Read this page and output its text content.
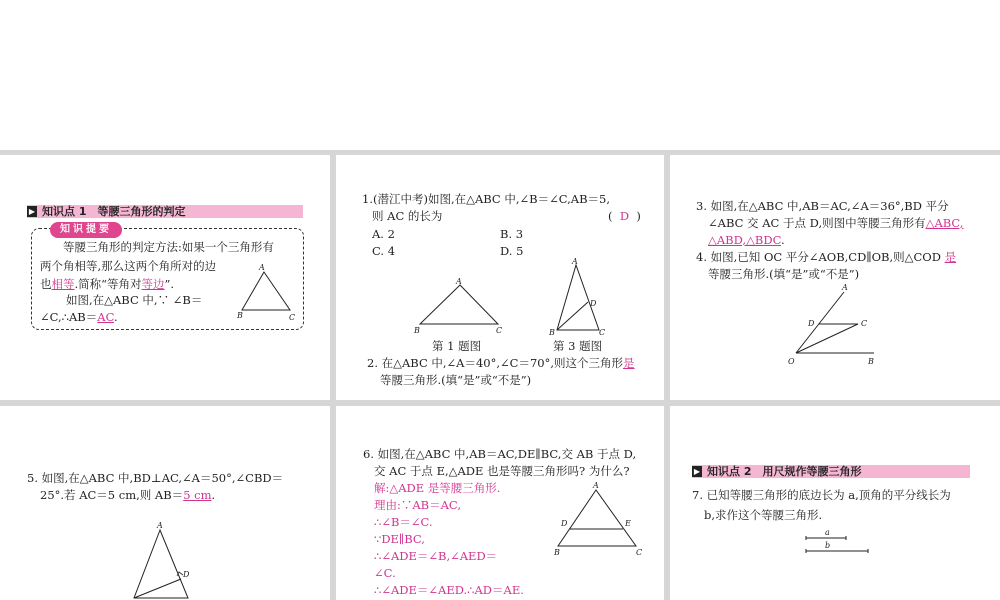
▶ 知识点 1　等腰三角形的判定
知识提要
等腰三角形的判定方法:如果一个三角形有
两个角相等,那么这两个角所对的边
也相等.简称“等角对等边”.
如图,在△ABC 中,∵ ∠B＝
∠C,∴AB＝AC.
A
B	C
1.(潜江中考)如图,在△ABC 中,∠B＝∠C,AB＝5,
则 AC 的长为	( D )
A. 2	B. 3
C. 4	D. 5
A
B	C
A
D
B	C
第 1 题图	第 3 题图
2. 在△ABC 中,∠A＝40°,∠C＝70°,则这个三角形是
等腰三角形.(填“是”或“不是”)
3. 如图,在△ABC 中,AB＝AC,∠A＝36°,BD 平分
∠ABC 交 AC 于点 D,则图中等腰三角形有△ABC,
△ABD,△BDC.
4. 如图,已知 OC 平分∠AOB,CD∥OB,则△COD 是
等腰三角形.(填“是”或“不是”)
A
C
D
O	B
5. 如图,在△ABC 中,BD⊥AC,∠A＝50°,∠CBD＝
25°.若 AC＝5 cm,则 AB＝5 cm.
A
D
6. 如图,在△ABC 中,AB＝AC,DE∥BC,交 AB 于点 D,
交 AC 于点 E,△ADE 也是等腰三角形吗? 为什么?
解:△ADE 是等腰三角形.
理由:∵AB＝AC,
∴∠B＝∠C.
∵DE∥BC,
∴∠ADE＝∠B,∠AED＝
∠C.
∴∠ADE＝∠AED.∴AD＝AE.
A
D	E
B	C
▶ 知识点 2　用尺规作等腰三角形
7. 已知等腰三角形的底边长为 a,顶角的平分线长为
b,求作这个等腰三角形.
a
b
